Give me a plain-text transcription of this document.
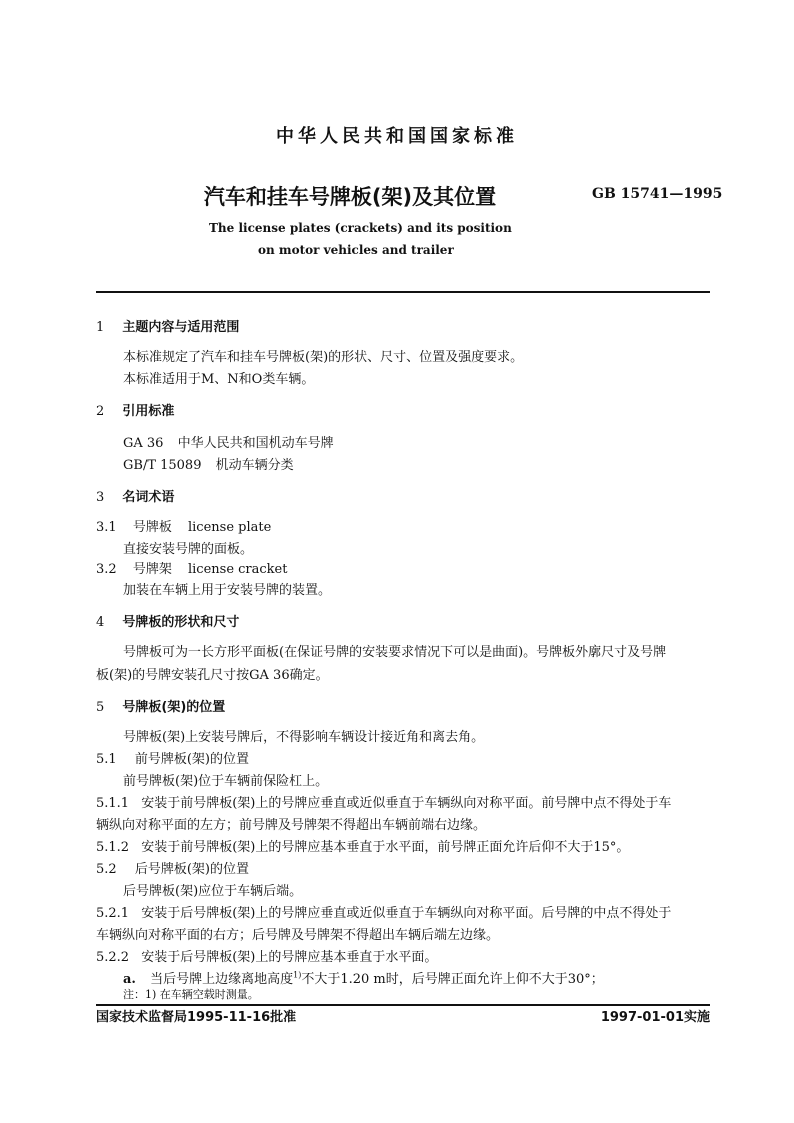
中华人民共和国国家标准
汽车和挂车号牌板(架)及其位置	GB 15741—1995
The license plates (crackets) and its position
on motor vehicles and trailer
1 主题内容与适用范围
本标准规定了汽车和挂车号牌板(架)的形状、尺寸、位置及强度要求。
本标准适用于M、N和O类车辆。
2 引用标准
GA 36 中华人民共和国机动车号牌
GB/T 15089 机动车辆分类
3 名词术语
3.1 号牌板 license plate
直接安装号牌的面板。
3.2 号牌架 license cracket
加装在车辆上用于安装号牌的装置。
4 号牌板的形状和尺寸
号牌板可为一长方形平面板(在保证号牌的安装要求情况下可以是曲面)。号牌板外廓尺寸及号牌
板(架)的号牌安装孔尺寸按GA 36确定。
5 号牌板(架)的位置
号牌板(架)上安装号牌后，不得影响车辆设计接近角和离去角。
5.1 前号牌板(架)的位置
前号牌板(架)位于车辆前保险杠上。
5.1.1 安装于前号牌板(架)上的号牌应垂直或近似垂直于车辆纵向对称平面。前号牌中点不得处于车
辆纵向对称平面的左方；前号牌及号牌架不得超出车辆前端右边缘。
5.1.2 安装于前号牌板(架)上的号牌应基本垂直于水平面，前号牌正面允许后仰不大于15°。
5.2 后号牌板(架)的位置
后号牌板(架)应位于车辆后端。
5.2.1 安装于后号牌板(架)上的号牌应垂直或近似垂直于车辆纵向对称平面。后号牌的中点不得处于
车辆纵向对称平面的右方；后号牌及号牌架不得超出车辆后端左边缘。
5.2.2 安装于后号牌板(架)上的号牌应基本垂直于水平面。
a. 当后号牌上边缘离地高度$^{1)}$不大于1.20 m时，后号牌正面允许上仰不大于30°；
注：1) 在车辆空载时测量。
国家技术监督局1995-11-16批准	1997-01-01实施
